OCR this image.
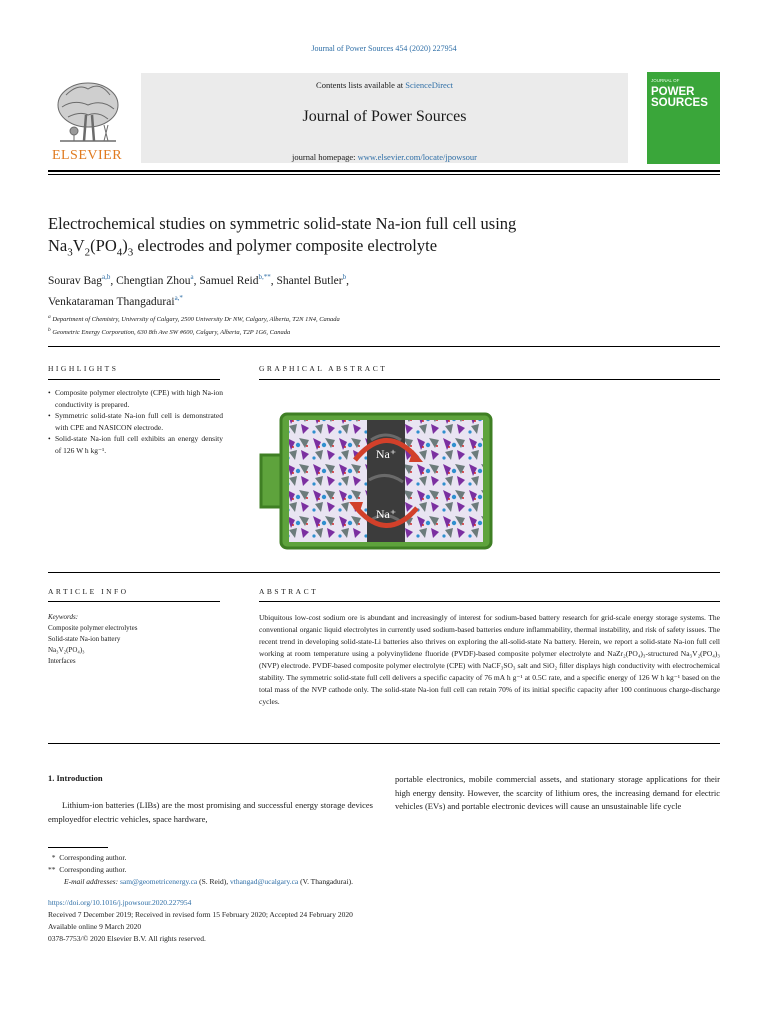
Journal of Power Sources 454 (2020) 227954
Contents lists available at ScienceDirect
Journal of Power Sources
journal homepage: www.elsevier.com/locate/jpowsour
ELSEVIER
JOURNAL OF
POWER
SOURCES
Electrochemical studies on symmetric solid-state Na-ion full cell using
$Na_3V_2(PO_4)_3$ electrodes and polymer composite electrolyte
Sourav Bag$^{a,b}$, Chengtian Zhou$^a$, Samuel Reid$^{b,**}$, Shantel Butler$^b$,
Venkataraman Thangadurai$^{a,*}$
$^a$ Department of Chemistry, University of Calgary, 2500 University Dr NW, Calgary, Alberta, T2N 1N4, Canada
$^b$ Geometric Energy Corporation, 630 8th Ave SW #600, Calgary, Alberta, T2P 1G6, Canada
HIGHLIGHTS	GRAPHICAL ABSTRACT
• Composite polymer electrolyte (CPE) with high Na-ion conductivity is prepared.
• Symmetric solid-state Na-ion full cell is demonstrated with CPE and NASICON electrode.
• Solid-state Na-ion full cell exhibits an energy density of 126 W h kg⁻¹.	Na⁺
Na⁺
ARTICLE INFO	ABSTRACT
Keywords:
Composite polymer electrolytes
Solid-state Na-ion battery
Na₃V₂(PO₄)₃
Interfaces
Ubiquitous low-cost sodium ore is abundant and increasingly of interest for sodium-based battery research for grid-scale energy storage systems. The conventional organic liquid electrolytes in currently used sodium-based batteries endure inflammability, thermal instability, and risk of safety issues. The recent trend in developing solid-state-Li batteries also thrives on exploring the all-solid-state Na battery. Herein, we report a solid-state Na-ion full cell working at room temperature using a polyvinylidene fluoride (PVDF)-based composite polymer electrolyte and NaZr₂(PO₄)₃-structured Na₃V₂(PO₄)₃ (NVP) electrode. PVDF-based composite polymer electrolyte (CPE) with NaCF₃SO₃ salt and SiO₂ filler displays high conductivity with electrochemical stability. The symmetric solid-state full cell delivers a specific capacity of 76 mA h g⁻¹ at 0.5C rate, and a specific energy of 126 W h kg⁻¹ based on the total mass of the NVP cathode only. The solid-state Na-ion full cell can retain 70% of its initial specific capacity after 100 continuous charge-discharge cycles.
1. Introduction
Lithium-ion batteries (LIBs) are the most promising and successful energy storage devices employedfor electric vehicles, space hardware,
portable electronics, mobile commercial assets, and stationary storage applications for their high energy density. However, the scarcity of lithium ores, the increasing demand for electric vehicles (EVs) and portable electronic devices will cause an unsustainable life cycle
*  Corresponding author.
**  Corresponding author.
E-mail addresses: sam@geometricenergy.ca (S. Reid), vthangad@ucalgary.ca (V. Thangadurai).
https://doi.org/10.1016/j.jpowsour.2020.227954
Received 7 December 2019; Received in revised form 15 February 2020; Accepted 24 February 2020
Available online 9 March 2020
0378-7753/© 2020 Elsevier B.V. All rights reserved.
